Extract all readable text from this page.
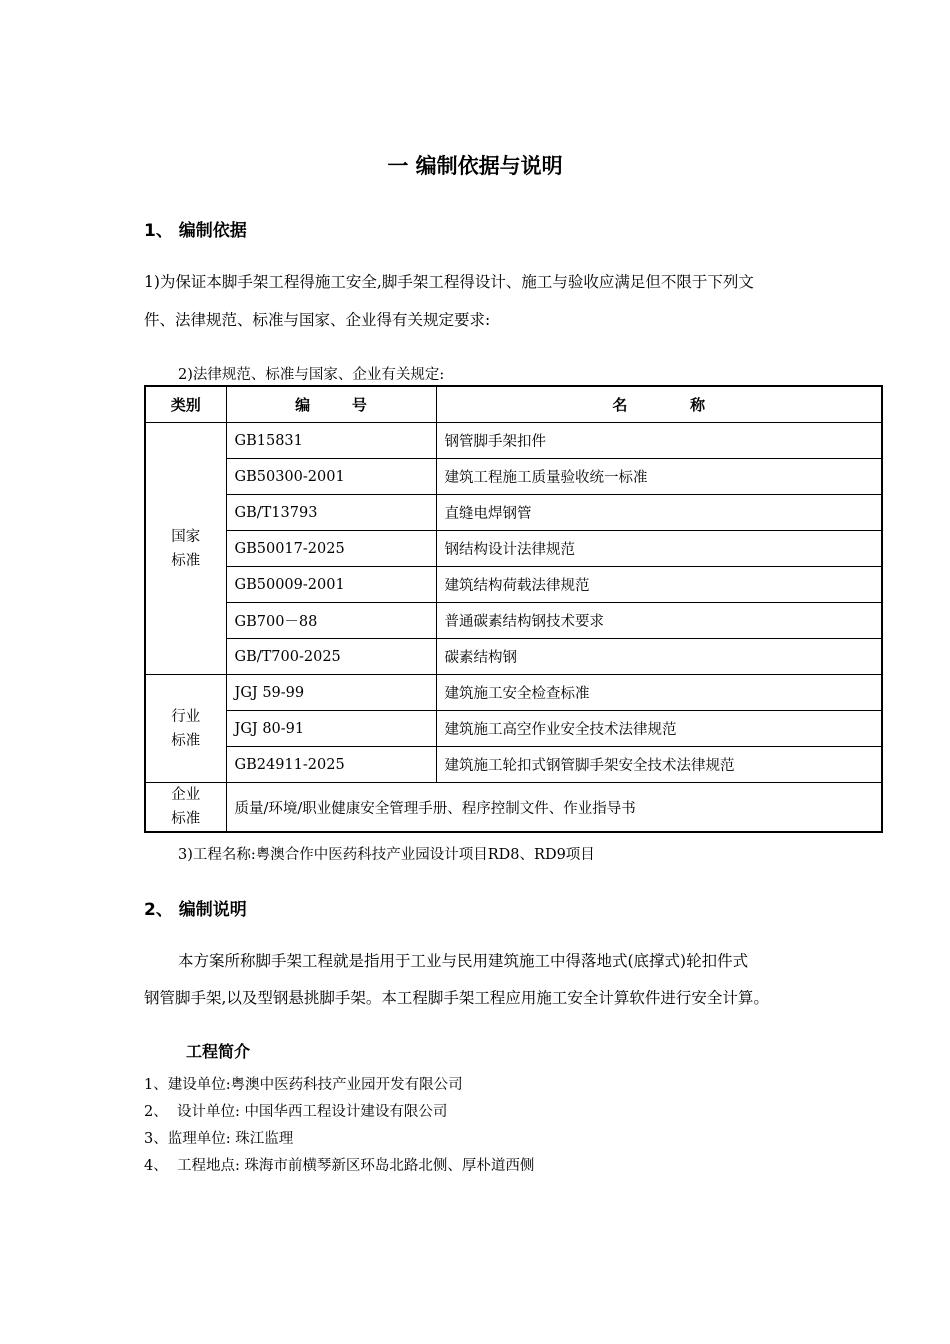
一 编制依据与说明
1、 编制依据
1)为保证本脚手架工程得施工安全,脚手架工程得设计、施工与验收应满足但不限于下列文
件、法律规范、标准与国家、企业得有关规定要求:
2)法律规范、标准与国家、企业有关规定:
类别	编        号	名            称

国家
标准	GB15831	钢管脚手架扣件
	GB50300-2001	建筑工程施工质量验收统一标准
	GB/T13793	直缝电焊钢管
	GB50017-2025	钢结构设计法律规范
	GB50009-2001	建筑结构荷载法律规范
	GB700－88	普通碳素结构钢技术要求
	GB/T700-2025	碳素结构钢

行业
标准	JGJ 59-99	建筑施工安全检查标准
	JGJ 80-91	建筑施工高空作业安全技术法律规范
	GB24911-2025	建筑施工轮扣式钢管脚手架安全技术法律规范

企业
标准	质量/环境/职业健康安全管理手册、程序控制文件、作业指导书	
3)工程名称:粤澳合作中医药科技产业园设计项目RD8、RD9项目
2、 编制说明
本方案所称脚手架工程就是指用于工业与民用建筑施工中得落地式(底撑式)轮扣件式
钢管脚手架,以及型钢悬挑脚手架。本工程脚手架工程应用施工安全计算软件进行安全计算。
工程简介
1、建设单位:粤澳中医药科技产业园开发有限公司
2、  设计单位: 中国华西工程设计建设有限公司
3、监理单位: 珠江监理
4、  工程地点: 珠海市前横琴新区环岛北路北侧、厚朴道西侧
